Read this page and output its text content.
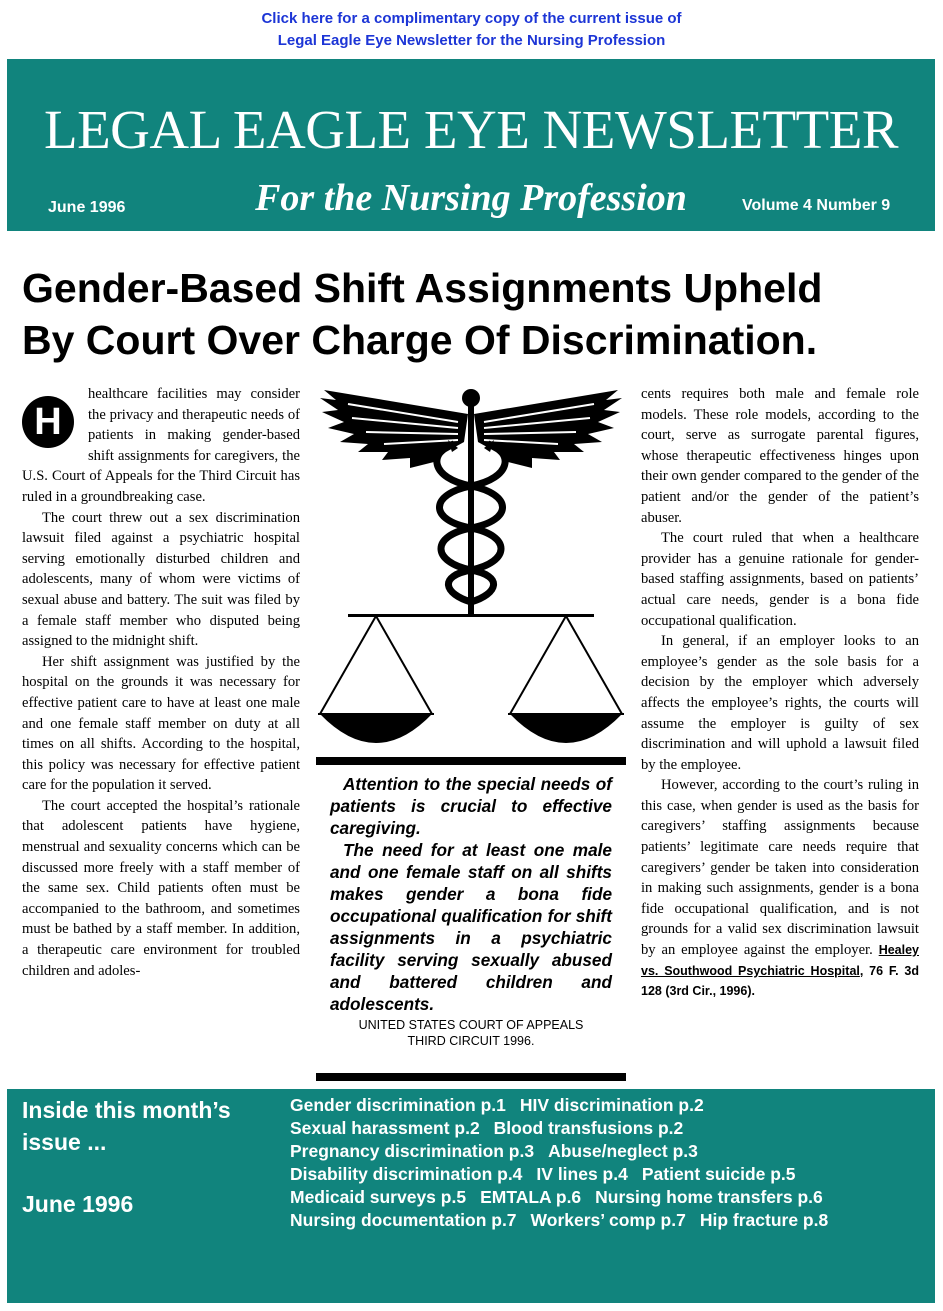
Click here for a complimentary copy of the current issue of
Legal Eagle Eye Newsletter for the Nursing Profession
LEGAL EAGLE EYE NEWSLETTER
For the Nursing Profession
June 1996	Volume 4 Number 9
Gender-Based Shift Assignments Upheld
By Court Over Charge Of Discrimination.
H

healthcare facilities may consider the privacy and therapeutic needs of patients in making gender-based shift assignments for caregivers, the U.S. Court of Appeals for the Third Circuit has ruled in a groundbreaking case.

The court threw out a sex discrimination lawsuit filed against a psychiatric hospital serving emotionally disturbed children and adolescents, many of whom were victims of sexual abuse and battery. The suit was filed by a female staff member who disputed being assigned to the midnight shift.

Her shift assignment was justified by the hospital on the grounds it was necessary for effective patient care to have at least one male and one female staff member on duty at all times on all shifts. According to the hospital, this policy was necessary for effective patient care for the population it served.

The court accepted the hospital’s rationale that adolescent patients have hygiene, menstrual and sexuality concerns which can be discussed more freely with a staff member of the same sex. Child patients often must be accompanied to the bathroom, and sometimes must be bathed by a staff member. In addition, a therapeutic care environment for troubled children and adoles-

Attention to the special needs of patients is crucial to effective caregiving.

The need for at least one male and one female staff on all shifts makes gender a bona fide occupational qualification for shift assignments in a psychiatric facility serving sexually abused and battered children and adolescents.

UNITED STATES COURT OF APPEALS
THIRD CIRCUIT 1996.

cents requires both male and female role models. These role models, according to the court, serve as surrogate parental figures, whose therapeutic effectiveness hinges upon their own gender compared to the gender of the patient and/or the gender of the patient’s abuser.

The court ruled that when a healthcare provider has a genuine rationale for gender-based staffing assignments, based on patients’ actual care needs, gender is a bona fide occupational qualification.

In general, if an employer looks to an employee’s gender as the sole basis for a decision by the employer which adversely affects the employee’s rights, the courts will assume the employer is guilty of sex discrimination and will uphold a lawsuit filed by the employee.

However, according to the court’s ruling in this case, when gender is used as the basis for caregivers’ staffing assignments because patients’ legitimate care needs require that caregivers’ gender be taken into consideration in making such assignments, gender is a bona fide occupational qualification, and is not grounds for a valid sex discrimination lawsuit by an employee against the employer. Healey vs. Southwood Psychiatric Hospital, 76 F. 3d 128 (3rd Cir., 1996).

Inside this month’s issue ...
June 1996
Gender discrimination p.1 HIV discrimination p.2
Sexual harassment p.2 Blood transfusions p.2
Pregnancy discrimination p.3 Abuse/neglect p.3
Disability discrimination p.4 IV lines p.4 Patient suicide p.5
Medicaid surveys p.5 EMTALA p.6 Nursing home transfers p.6
Nursing documentation p.7 Workers’ comp p.7 Hip fracture p.8
